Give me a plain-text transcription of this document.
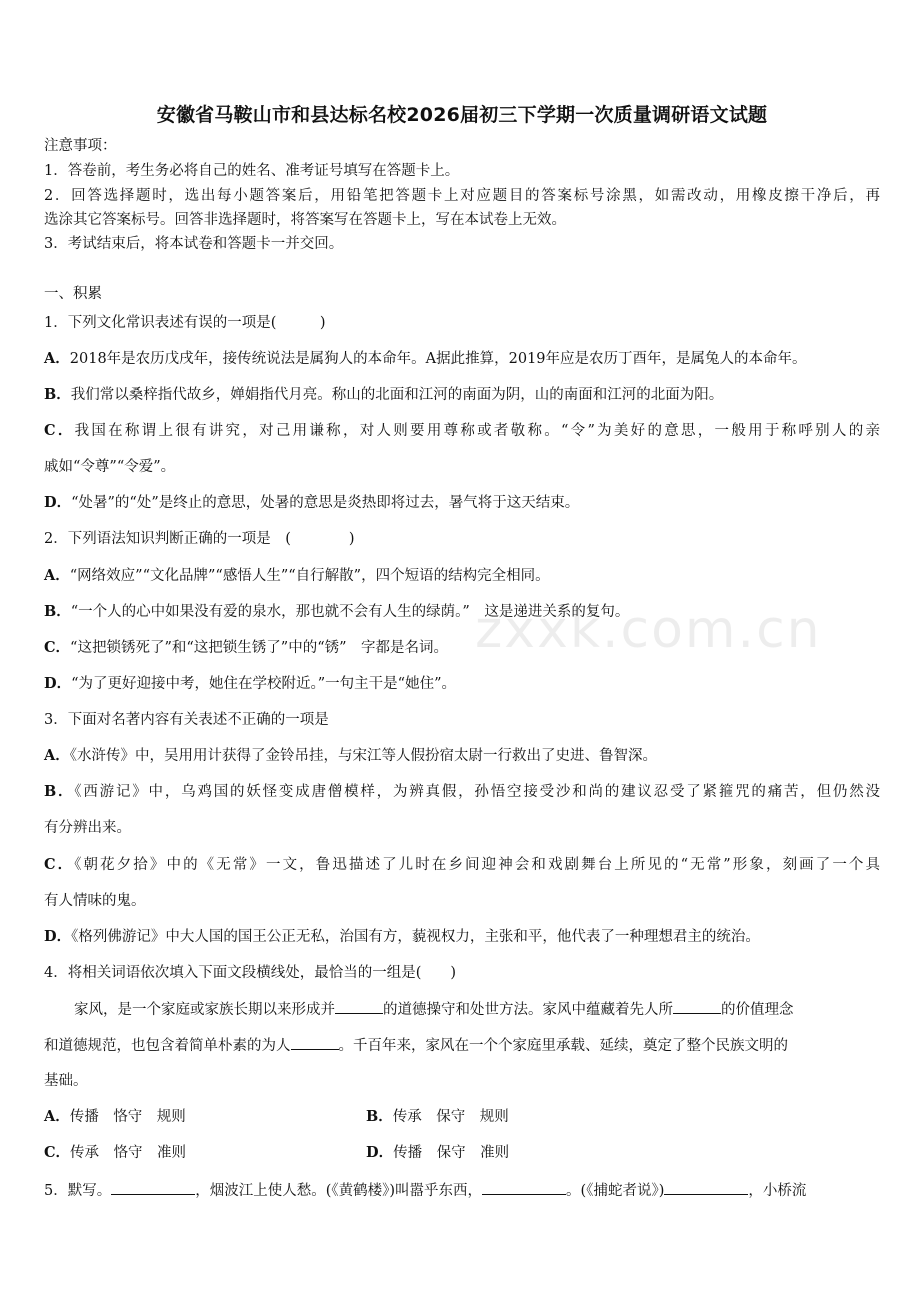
zxxk.com.cn
安徽省马鞍山市和县达标名校2026届初三下学期一次质量调研语文试题
注意事项：
1．答卷前，考生务必将自己的姓名、准考证号填写在答题卡上。
2．回答选择题时，选出每小题答案后，用铅笔把答题卡上对应题目的答案标号涂黑，如需改动，用橡皮擦干净后，再
选涂其它答案标号。回答非选择题时，将答案写在答题卡上，写在本试卷上无效。
3．考试结束后，将本试卷和答题卡一并交回。
一、积累
1．下列文化常识表述有误的一项是(　　　)
A．2018年是农历戊戌年，接传统说法是属狗人的本命年。A据此推算，2019年应是农历丁酉年，是属兔人的本命年。
B．我们常以桑梓指代故乡，婵娟指代月亮。称山的北面和江河的南面为阴，山的南面和江河的北面为阳。
C．我国在称谓上很有讲究，对己用谦称，对人则要用尊称或者敬称。“令”为美好的意思，一般用于称呼别人的亲
戚如“令尊”“令爱”。
D．“处暑”的“处”是终止的意思，处暑的意思是炎热即将过去，暑气将于这天结束。
2．下列语法知识判断正确的一项是　(　　　　)
A．“网络效应”“文化品牌”“感悟人生”“自行解散”，四个短语的结构完全相同。
B．“一个人的心中如果没有爱的泉水，那也就不会有人生的绿荫。”　这是递进关系的复句。
C．“这把锁锈死了”和“这把锁生锈了”中的“锈”　字都是名词。
D．“为了更好迎接中考，她住在学校附近。”一句主干是“她住”。
3．下面对名著内容有关表述不正确的一项是
A．《水浒传》中，吴用用计获得了金铃吊挂，与宋江等人假扮宿太尉一行救出了史进、鲁智深。
B．《西游记》中，乌鸡国的妖怪变成唐僧模样，为辨真假，孙悟空接受沙和尚的建议忍受了紧箍咒的痛苦，但仍然没
有分辨出来。
C．《朝花夕拾》中的《无常》一文，鲁迅描述了儿时在乡间迎神会和戏剧舞台上所见的“无常”形象，刻画了一个具
有人情味的鬼。
D．《格列佛游记》中大人国的国王公正无私，治国有方，藐视权力，主张和平，他代表了一种理想君主的统治。
4．将相关词语依次填入下面文段横线处，最恰当的一组是(　　)
家风，是一个家庭或家族长期以来形成并	的道德操守和处世方法。家风中蕴藏着先人所	的价值理念
和道德规范，也包含着简单朴素的为人	。千百年来，家风在一个个家庭里承载、延续，奠定了整个民族文明的
基础。
A．传播　恪守　规则	B．传承　保守　规则
C．传承　恪守　准则	D．传播　保守　准则
5．默写。	，烟波江上使人愁。(《黄鹤楼》)叫嚣乎东西，	。(《捕蛇者说》)	，小桥流
